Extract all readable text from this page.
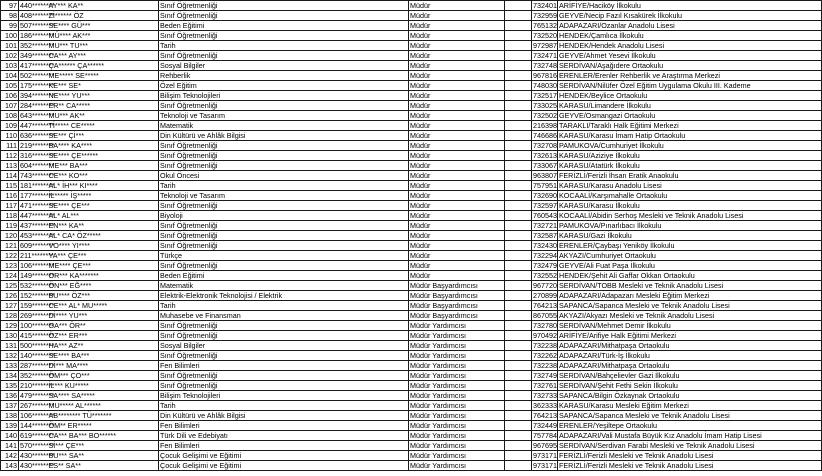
97	440********	AY*** KA**	Sınıf Öğretmenliği	Müdür		732401	ARİFİYE/Haciköy İlkokulu
98	408********	Zİ****** ÖZ	Sınıf Öğretmenliği	Müdür		732959	GEYVE/Necip Fazıl Kısakürek İlkokulu
99	507********	SE**** GÜ***	Beden Eğitimi	Müdür		765132	ADAPAZARI/Ozanlar Anadolu Lisesi
100	186********	MÜ**** AK***	Sınıf Öğretmenliği	Müdür		732520	HENDEK/Çamlıca İlkokulu
101	352********	MU*** TU***	Tarih	Müdür		972987	HENDEK/Hendek Anadolu Lisesi
102	349********	CA*** AY***	Sınıf Öğretmenliği	Müdür		732471	GEYVE/Ahmet Yesevi İlkokulu
103	417********	ÇA****** ÇA******	Sosyal Bilgiler	Müdür		732748	SERDİVAN/Aşağıdere Ortaokulu
104	502********	ME***** SE*****	Rehberlik	Müdür		967816	ERENLER/Erenler Rehberlik ve Araştırma Merkezi
105	175********	KE*** SE*	Özel Eğitim	Müdür		748030	SERDİVAN/Nilüfer Özel Eğitim Uygulama Okulu III. Kademe
106	394********	NE**** YU***	Bilişim Teknolojileri	Müdür		732517	HENDEK/Beylice Ortaokulu
107	284********	ER** CA*****	Sınıf Öğretmenliği	Müdür		733025	KARASU/Limandere İlkokulu
108	643********	MU*** AK**	Teknoloji ve Tasarım	Müdür		732502	GEYVE/Osmangazi Ortaokulu
109	447********	Tİ***** CE*****	Matematik	Müdür		216398	TARAKLI/Taraklı Halk Eğitimi Merkezi
110	636********	SE*** Çİ***	Din Kültürü ve Ahlâk Bilgisi	Müdür		746686	KARASU/Karasu İmam Hatip Ortaokulu
111	219********	BA**** KA****	Sınıf Öğretmenliği	Müdür		732708	PAMUKOVA/Cumhuriyet İlkokulu
112	316********	SE**** ÇE******	Sınıf Öğretmenliği	Müdür		732613	KARASU/Aziziye İlkokulu
113	604********	ME*** BA***	Sınıf Öğretmenliği	Müdür		733067	KARASU/Atatürk İlkokulu
114	743********	CE*** KO***	Okul Öncesi	Müdür		963807	FERİZLİ/Ferizli İhsan Eratik Anaokulu
115	181********	AL* İH*** KI****	Tarih	Müdür		757951	KARASU/Karasu Anadolu Lisesi
116	177********	İL***** İŞ*****	Teknoloji ve Tasarım	Müdür		732690	KOCAALİ/Karşımahalle Ortaokulu
117	471********	SE**** ÇE***	Sınıf Öğretmenliği	Müdür		732597	KARASU/Karasu İlkokulu
118	447********	AL* AL***	Biyoloji	Müdür		760543	KOCAALİ/Abidin Serhoş Mesleki ve Teknik Anadolu Lisesi
119	437********	EN*** KA**	Sınıf Öğretmenliği	Müdür		732721	PAMUKOVA/Pınarlıbacı İlkokulu
120	453********	AL* CA* ÖZ*****	Sınıf Öğretmenliği	Müdür		732587	KARASU/Gazi İlkokulu
121	609********	VO**** YI****	Sınıf Öğretmenliği	Müdür		732430	ERENLER/Çaybaşı Yeniköy İlkokulu
122	211********	YA*** ÇE***	Türkçe	Müdür		732294	AKYAZI/Cumhuriyet Ortaokulu
123	106********	ME**** ÇE***	Sınıf Öğretmenliği	Müdür		732479	GEYVE/Ali Fuat Paşa İlkokulu
124	149********	OR*** KA*******	Beden Eğitimi	Müdür		732552	HENDEK/Şehit Ali Gaffar Okkan Ortaokulu
125	532********	ÖN*** EĞ****	Matematik	Müdür Başyardımcısı		967720	SERDİVAN/TOBB Mesleki ve Teknik Anadolu Lisesi
126	152********	BU**** ÖZ***	Elektrik-Elektronik Teknolojisi / Elektrik	Müdür Başyardımcısı		270899	ADAPAZARI/Adapazarı Mesleki Eğitim Merkezi
127	159********	CE*** AL* MU*****	Tarih	Müdür Başyardımcısı		764213	SAPANCA/Sapanca Mesleki ve Teknik Anadolu Lisesi
128	269********	Dİ**** YU***	Muhasebe ve Finansman	Müdür Başyardımcısı		867055	AKYAZI/Akyazı Mesleki ve Teknik Anadolu Lisesi
129	100********	GA*** ÖR**	Sınıf Öğretmenliği	Müdür Yardımcısı		732780	SERDİVAN/Mehmet Demir İlkokulu
130	415********	ÖZ*** ER***	Sınıf Öğretmenliği	Müdür Yardımcısı		970492	ARİFİYE/Arifiye Halk Eğitimi Merkezi
131	500********	HA*** AZ**	Sosyal Bilgiler	Müdür Yardımcısı		732238	ADAPAZARI/Mithatpaşa Ortaokulu
132	140********	SE**** BA***	Sınıf Öğretmenliği	Müdür Yardımcısı		732262	ADAPAZARI/Türk-İş İlkokulu
133	287********	Dİ*** MA****	Fen Bilimleri	Müdür Yardımcısı		732238	ADAPAZARI/Mithatpaşa Ortaokulu
134	352********	ÖM*** ÇO***	Sınıf Öğretmenliği	Müdür Yardımcısı		732749	SERDİVAN/Bahçelievler Gazi İlkokulu
135	210********	İL*** KU*****	Sınıf Öğretmenliği	Müdür Yardımcısı		732761	SERDİVAN/Şehit Fethi Sekin İlkokulu
136	479********	SA**** SA*****	Bilişim Teknolojileri	Müdür Yardımcısı		732733	SAPANCA/Bilgin Özkaynak Ortaokulu
137	267********	MU***** AL******	Tarih	Müdür Yardımcısı		362333	KARASU/Karasu Mesleki Eğitim Merkezi
138	106********	AB******** TÜ*******	Din Kültürü ve Ahlâk Bilgisi	Müdür Yardımcısı		764213	SAPANCA/Sapanca Mesleki ve Teknik Anadolu Lisesi
139	144********	ÖM** ER*****	Fen Bilimleri	Müdür Yardımcısı		732449	ERENLER/Yeşiltepe Ortaokulu
140	619********	CA*** BA*** BO******	Türk Dili ve Edebiyatı	Müdür Yardımcısı		757784	ADAPAZARI/Vali Mustafa Büyük Kız Anadolu İmam Hatip Lisesi
141	570********	Sİ*** ÇE***	Fen Bilimleri	Müdür Yardımcısı		967695	SERDİVAN/Serdivan Farabi Mesleki ve Teknik Anadolu Lisesi
142	430********	BU*** SA**	Çocuk Gelişimi ve Eğitimi	Müdür Yardımcısı		973171	FERİZLİ/Ferizli Mesleki ve Teknik Anadolu Lisesi
143	430********	ES** SA**	Çocuk Gelişimi ve Eğitimi	Müdür Yardımcısı		973171	FERİZLİ/Ferizli Mesleki ve Teknik Anadolu Lisesi
